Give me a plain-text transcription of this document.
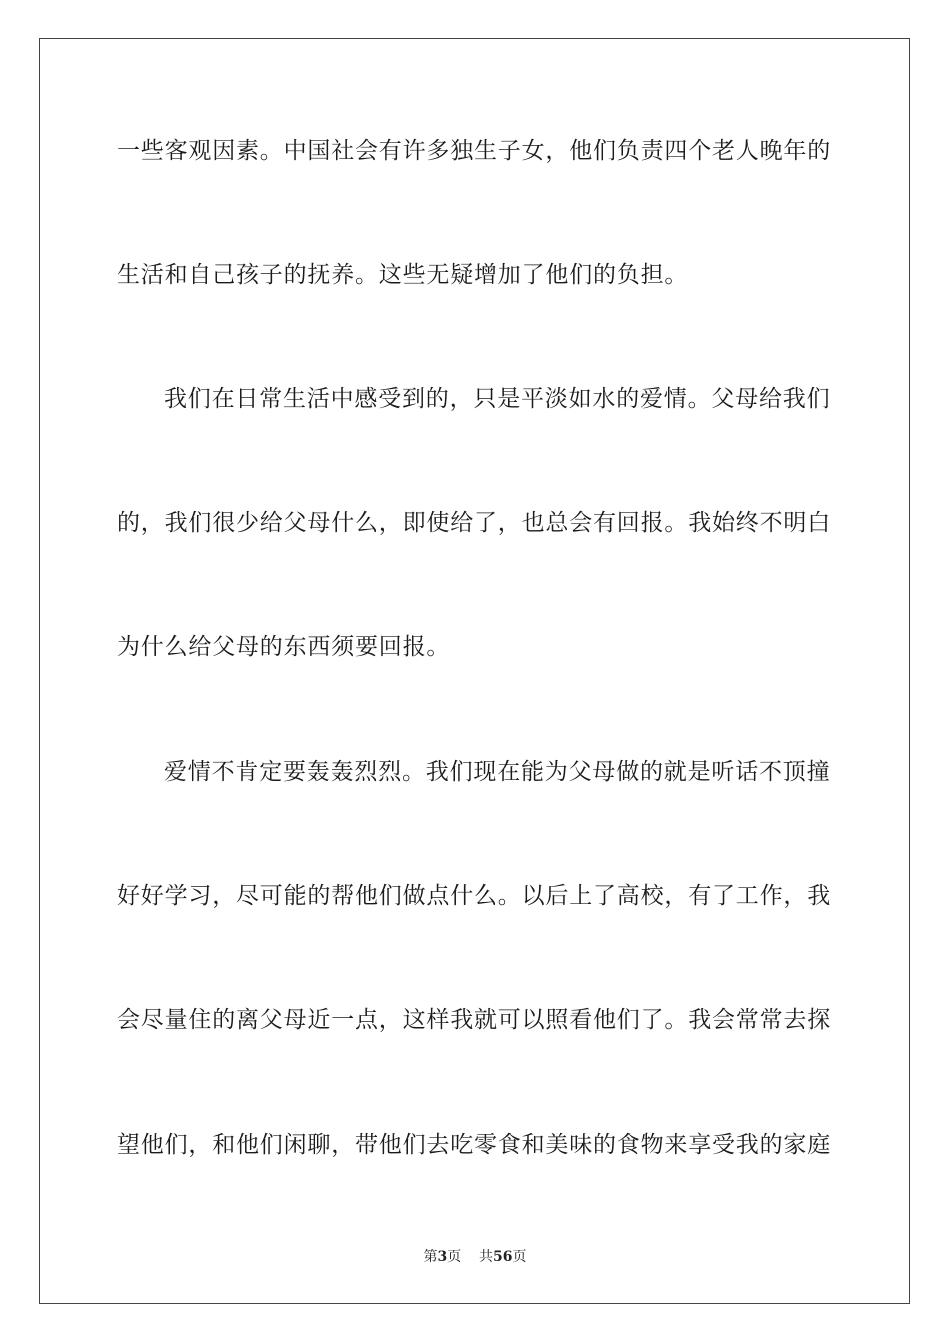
一些客观因素。中国社会有许多独生子女，他们负责四个老人晚年的
生活和自己孩子的抚养。这些无疑增加了他们的负担。
我们在日常生活中感受到的，只是平淡如水的爱情。父母给我们
的，我们很少给父母什么，即使给了，也总会有回报。我始终不明白
为什么给父母的东西须要回报。
爱情不肯定要轰轰烈烈。我们现在能为父母做的就是听话不顶撞
好好学习，尽可能的帮他们做点什么。以后上了高校，有了工作，我
会尽量住的离父母近一点，这样我就可以照看他们了。我会常常去探
望他们，和他们闲聊，带他们去吃零食和美味的食物来享受我的家庭
第3页 共56页
